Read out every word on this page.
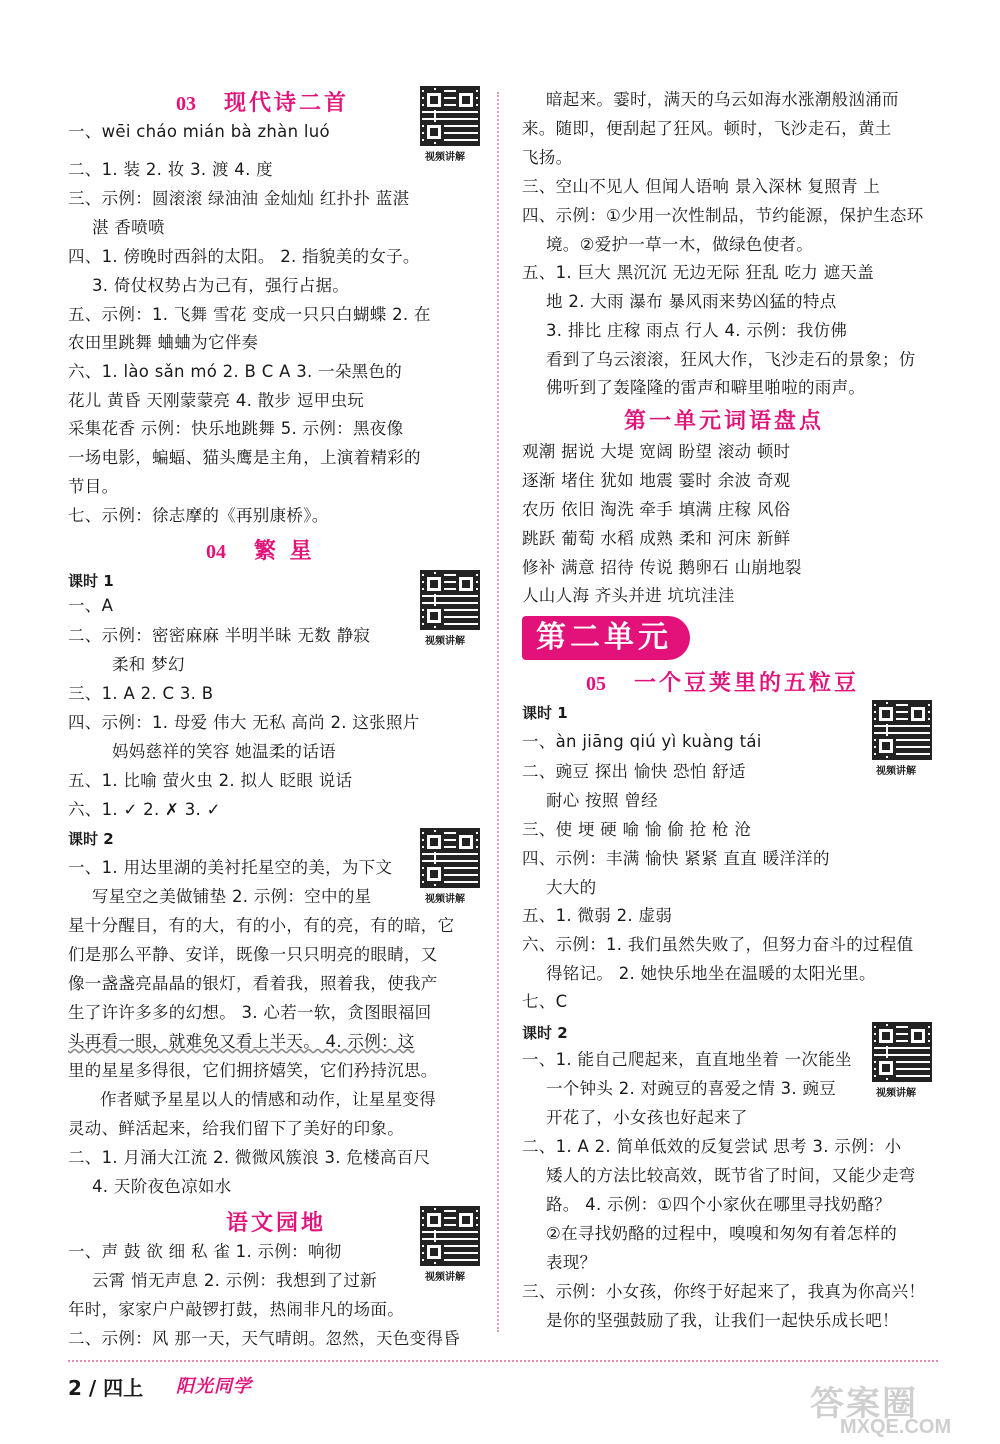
03 现代诗二首
视频讲解
一、wēi cháo mián bà zhàn luó
二、1. 装 2. 妆 3. 渡 4. 度
三、示例：圆滚滚 绿油油 金灿灿 红扑扑 蓝湛
湛 香喷喷
四、1. 傍晚时西斜的太阳。 2. 指貌美的女子。
3. 倚仗权势占为己有，强行占据。
五、示例：1. 飞舞 雪花 变成一只只白蝴蝶 2. 在
农田里跳舞 蛐蛐为它伴奏
六、1. lào sǎn mó 2. B C A 3. 一朵黑色的
花儿 黄昏 天刚蒙蒙亮 4. 散步 逗甲虫玩
采集花香 示例：快乐地跳舞 5. 示例：黑夜像
一场电影，蝙蝠、猫头鹰是主角，上演着精彩的
节目。
七、示例：徐志摩的《再别康桥》。
04 繁 星
课时 1
视频讲解
一、A
二、示例：密密麻麻 半明半昧 无数 静寂
柔和 梦幻
三、1. A 2. C 3. B
四、示例：1. 母爱 伟大 无私 高尚 2. 这张照片
妈妈慈祥的笑容 她温柔的话语
五、1. 比喻 萤火虫 2. 拟人 眨眼 说话
六、1. ✓ 2. ✗ 3. ✓
课时 2
视频讲解
一、1. 用达里湖的美衬托星空的美，为下文
写星空之美做铺垫 2. 示例：空中的星
星十分醒目，有的大，有的小，有的亮，有的暗，它
们是那么平静、安详，既像一只只明亮的眼睛，又
像一盏盏亮晶晶的银灯，看着我，照着我，使我产
生了许许多多的幻想。 3. 心若一软，贪图眼福回
头再看一眼，就难免又看上半天。 4. 示例：这
里的星星多得很，它们拥挤嬉笑，它们矜持沉思。
作者赋予星星以人的情感和动作，让星星变得
灵动、鲜活起来，给我们留下了美好的印象。
二、1. 月涌大江流 2. 微微风簇浪 3. 危楼高百尺
4. 天阶夜色凉如水
语文园地
视频讲解
一、声 鼓 欲 细 私 雀 1. 示例：响彻
云霄 悄无声息 2. 示例：我想到了过新
年时，家家户户敲锣打鼓，热闹非凡的场面。
二、示例：风 那一天，天气晴朗。忽然，天色变得昏
暗起来。霎时，满天的乌云如海水涨潮般汹涌而
来。随即，便刮起了狂风。顿时，飞沙走石，黄土
飞扬。
三、空山不见人 但闻人语响 景入深林 复照青 上
四、示例：①少用一次性制品，节约能源，保护生态环
境。②爱护一草一木，做绿色使者。
五、1. 巨大 黑沉沉 无边无际 狂乱 吃力 遮天盖
地 2. 大雨 瀑布 暴风雨来势凶猛的特点
3. 排比 庄稼 雨点 行人 4. 示例：我仿佛
看到了乌云滚滚，狂风大作，飞沙走石的景象；仿
佛听到了轰隆隆的雷声和噼里啪啦的雨声。
第一单元词语盘点
观潮 据说 大堤 宽阔 盼望 滚动 顿时
逐渐 堵住 犹如 地震 霎时 余波 奇观
农历 依旧 淘洗 牵手 填满 庄稼 风俗
跳跃 葡萄 水稻 成熟 柔和 河床 新鲜
修补 满意 招待 传说 鹅卵石 山崩地裂
人山人海 齐头并进 坑坑洼洼
第二单元
05 一个豆荚里的五粒豆
课时 1
视频讲解
一、àn jiāng qiú yì kuàng tái
二、豌豆 探出 愉快 恐怕 舒适
耐心 按照 曾经
三、使 埂 硬 喻 愉 偷 抢 枪 沧
四、示例：丰满 愉快 紧紧 直直 暖洋洋的
大大的
五、1. 微弱 2. 虚弱
六、示例：1. 我们虽然失败了，但努力奋斗的过程值
得铭记。 2. 她快乐地坐在温暖的太阳光里。
七、C
课时 2
视频讲解
一、1. 能自己爬起来，直直地坐着 一次能坐
一个钟头 2. 对豌豆的喜爱之情 3. 豌豆
开花了，小女孩也好起来了
二、1. A 2. 简单低效的反复尝试 思考 3. 示例：小
矮人的方法比较高效，既节省了时间，又能少走弯
路。 4. 示例：①四个小家伙在哪里寻找奶酪？
②在寻找奶酪的过程中，嗅嗅和匆匆有着怎样的
表现？
三、示例：小女孩，你终于好起来了，我真为你高兴！
是你的坚强鼓励了我，让我们一起快乐成长吧！
2 / 四上 阳光同学	答案圈
MXQE.COM
